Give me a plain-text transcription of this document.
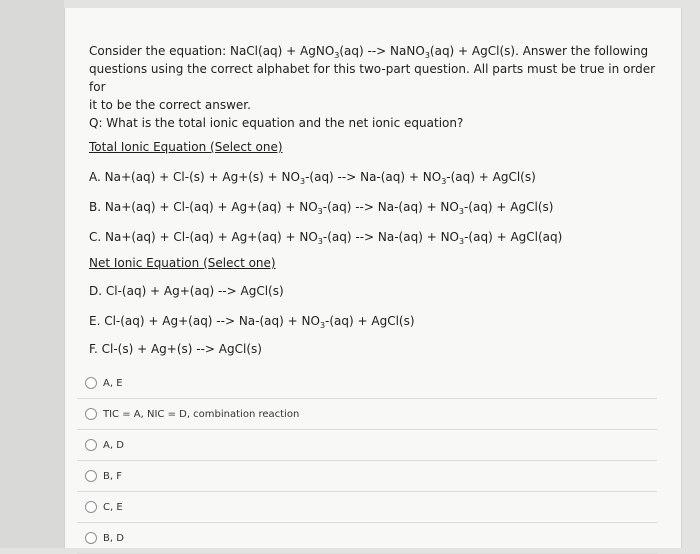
Consider the equation: NaCl(aq) + AgNO$_3$(aq) --> NaNO$_3$(aq) + AgCl(s). Answer the following
questions using the correct alphabet for this two-part question. All parts must be true in order for
it to be the correct answer.
Q: What is the total ionic equation and the net ionic equation?
Total Ionic Equation (Select one)
A. $Na+(aq) + Cl-(s) + Ag+(s) + NO_3-(aq)$ --> $Na-(aq) + NO_3-(aq)$ + AgCl(s)
B. $Na+(aq) + Cl-(aq) + Ag+(aq) + NO_3-(aq)$ --> $Na-(aq) + NO_3-(aq)$ + AgCl(s)
C. $Na+(aq) + Cl-(aq) + Ag+(aq) + NO_3-(aq)$ --> $Na-(aq) + NO_3-(aq)$ + AgCl(aq)
Net Ionic Equation (Select one)
D. Cl-(aq) + Ag+(aq) --> AgCl(s)
E. Cl-(aq) + Ag+(aq) --> $Na-(aq) + NO_3-(aq)$ + AgCl(s)
F. Cl-(s) + Ag+(s) --> AgCl(s)
A, E
TIC = A, NIC = D, combination reaction
A, D
B, F
C, E
B, D
